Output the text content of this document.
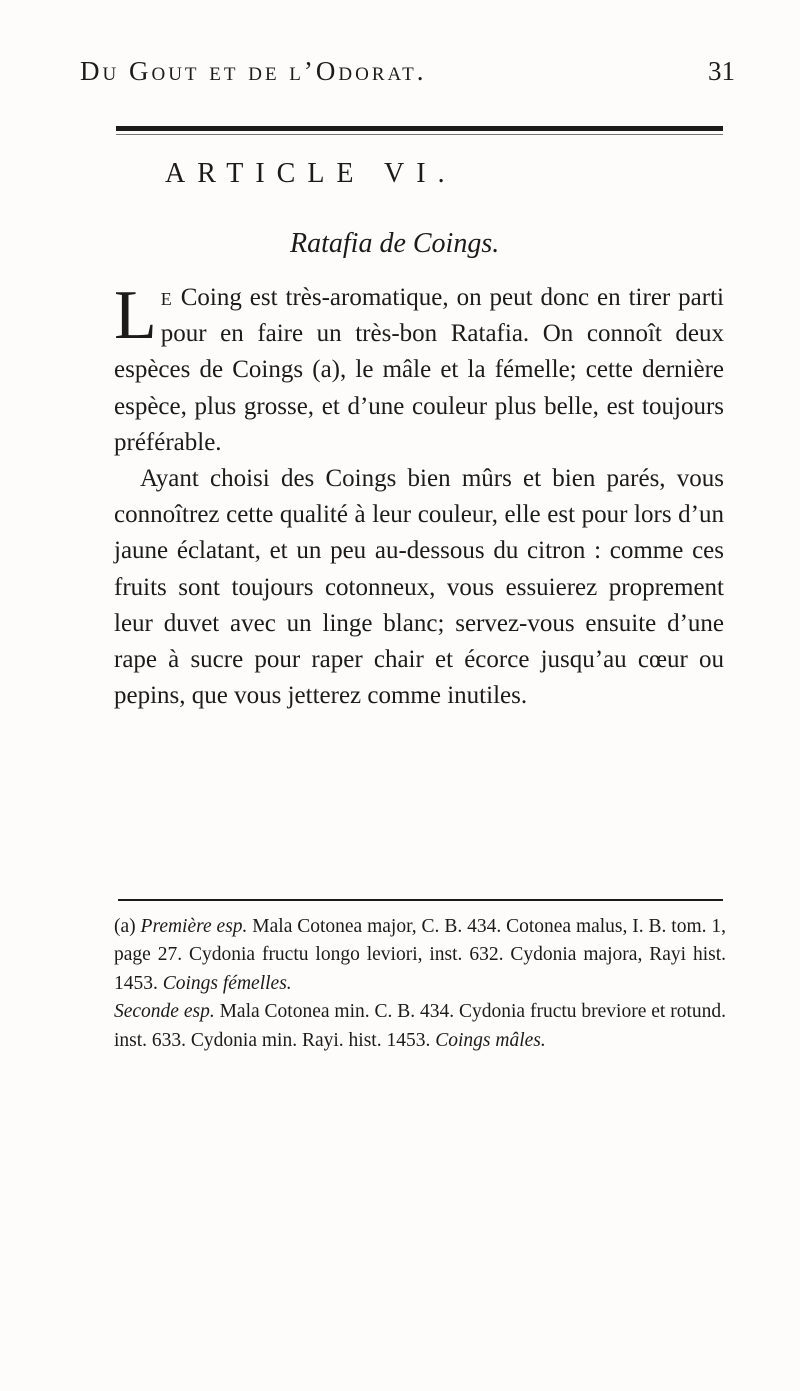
Du Gout et de l’Odorat.	31
ARTICLE VI.
Ratafia de Coings.

Le Coing est très-aromatique, on peut donc en tirer parti pour en faire un très-bon Ratafia. On connoît deux espèces de Coings (a), le mâle et la fémelle; cette dernière espèce, plus grosse, et d’une couleur plus belle, est toujours préférable.

Ayant choisi des Coings bien mûrs et bien parés, vous connoîtrez cette qualité à leur couleur, elle est pour lors d’un jaune éclatant, et un peu au-dessous du citron : comme ces fruits sont toujours cotonneux, vous essuierez proprement leur duvet avec un linge blanc; servez-vous ensuite d’une rape à sucre pour raper chair et écorce jusqu’au cœur ou pepins, que vous jetterez comme inutiles.

(a) Première esp. Mala Cotonea major, C. B. 434. Cotonea malus, I. B. tom. 1, page 27. Cydonia fructu longo leviori, inst. 632. Cydonia majora, Rayi hist. 1453. Coings fémelles.

Seconde esp. Mala Cotonea min. C. B. 434. Cydonia fructu breviore et rotund. inst. 633. Cydonia min. Rayi. hist. 1453. Coings mâles.
